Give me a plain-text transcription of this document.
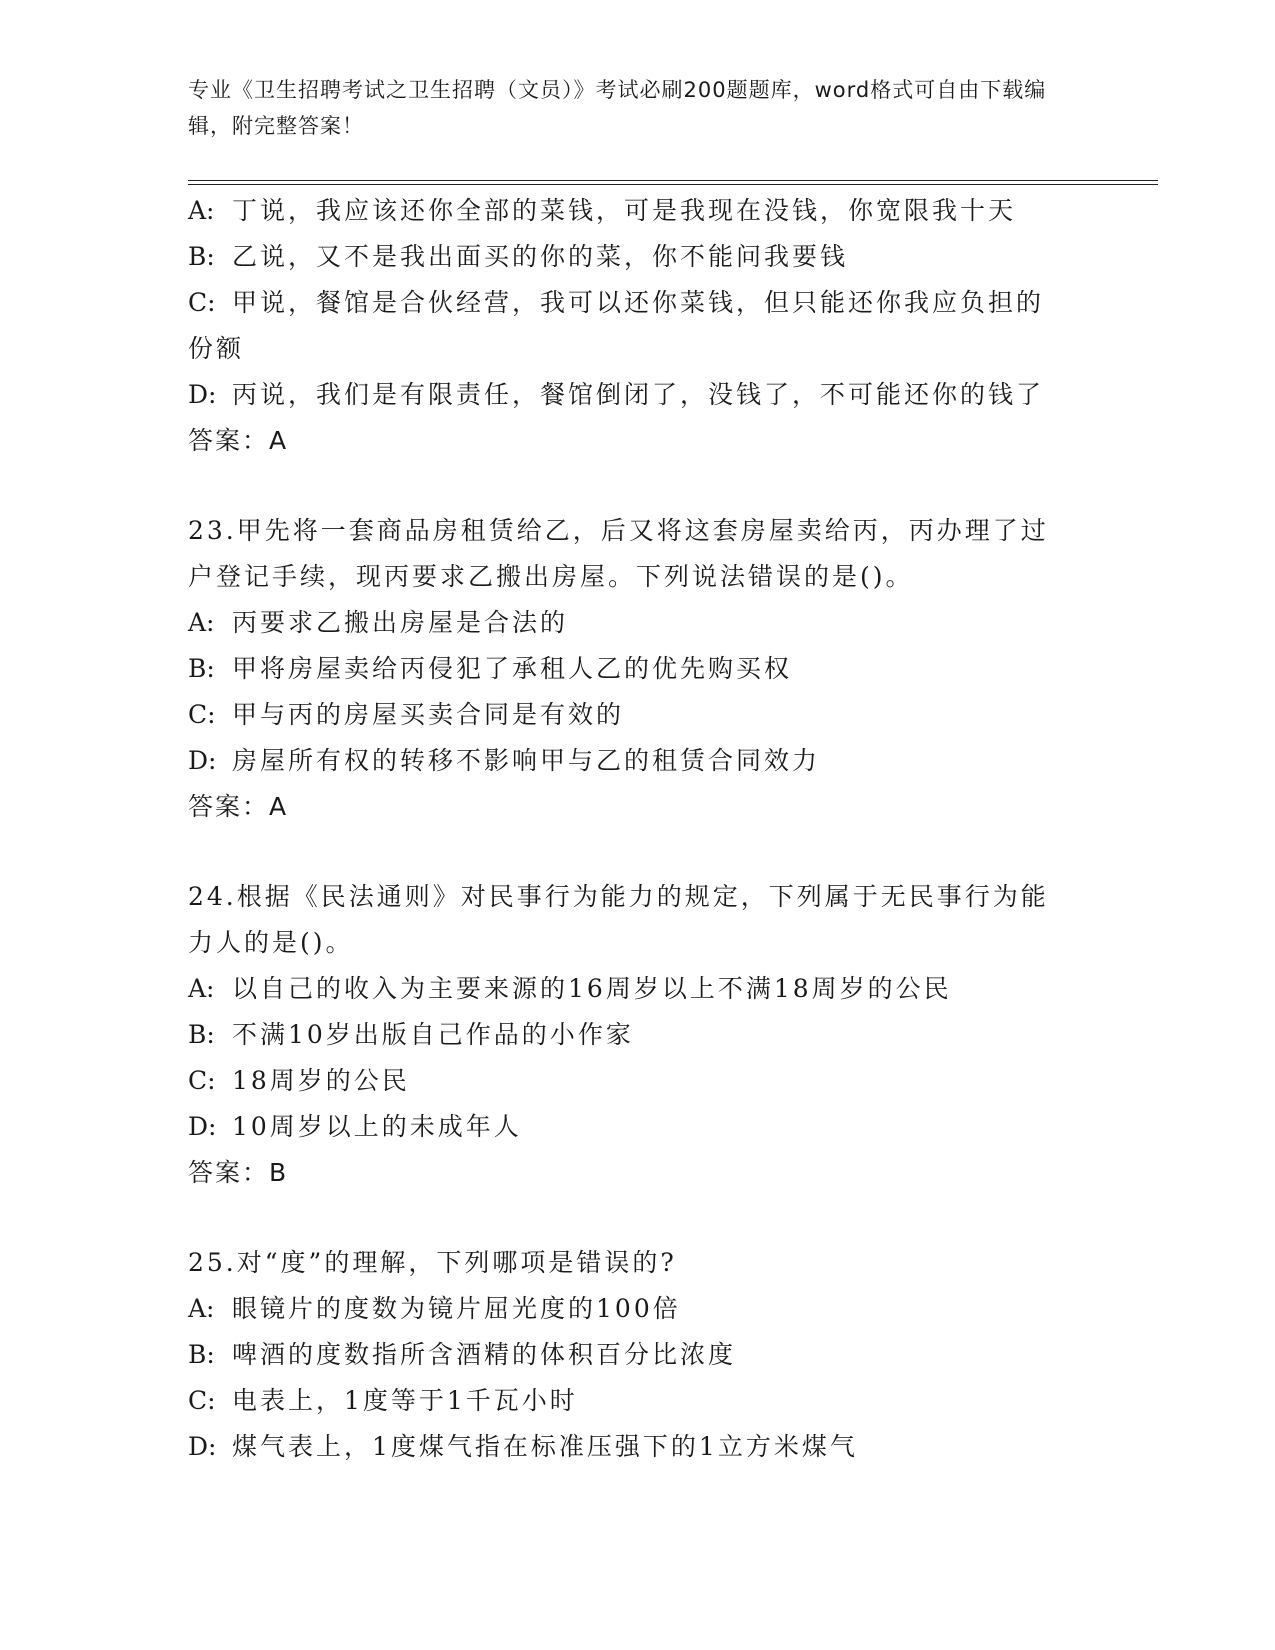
专业《卫生招聘考试之卫生招聘（文员）》考试必刷200题题库，word格式可自由下载编辑，附完整答案！
A: 丁说，我应该还你全部的菜钱，可是我现在没钱，你宽限我十天
B: 乙说，又不是我出面买的你的菜，你不能问我要钱
C: 甲说，餐馆是合伙经营，我可以还你菜钱，但只能还你我应负担的
份额
D: 丙说，我们是有限责任，餐馆倒闭了，没钱了，不可能还你的钱了
答案：A
23.甲先将一套商品房租赁给乙，后又将这套房屋卖给丙，丙办理了过
户登记手续，现丙要求乙搬出房屋。下列说法错误的是()。
A: 丙要求乙搬出房屋是合法的
B: 甲将房屋卖给丙侵犯了承租人乙的优先购买权
C: 甲与丙的房屋买卖合同是有效的
D: 房屋所有权的转移不影响甲与乙的租赁合同效力
答案：A
24.根据《民法通则》对民事行为能力的规定，下列属于无民事行为能
力人的是()。
A: 以自己的收入为主要来源的16周岁以上不满18周岁的公民
B: 不满10岁出版自己作品的小作家
C: 18周岁的公民
D: 10周岁以上的未成年人
答案：B
25.对“度”的理解，下列哪项是错误的?
A: 眼镜片的度数为镜片屈光度的100倍
B: 啤酒的度数指所含酒精的体积百分比浓度
C: 电表上，1度等于1千瓦小时
D: 煤气表上，1度煤气指在标准压强下的1立方米煤气
